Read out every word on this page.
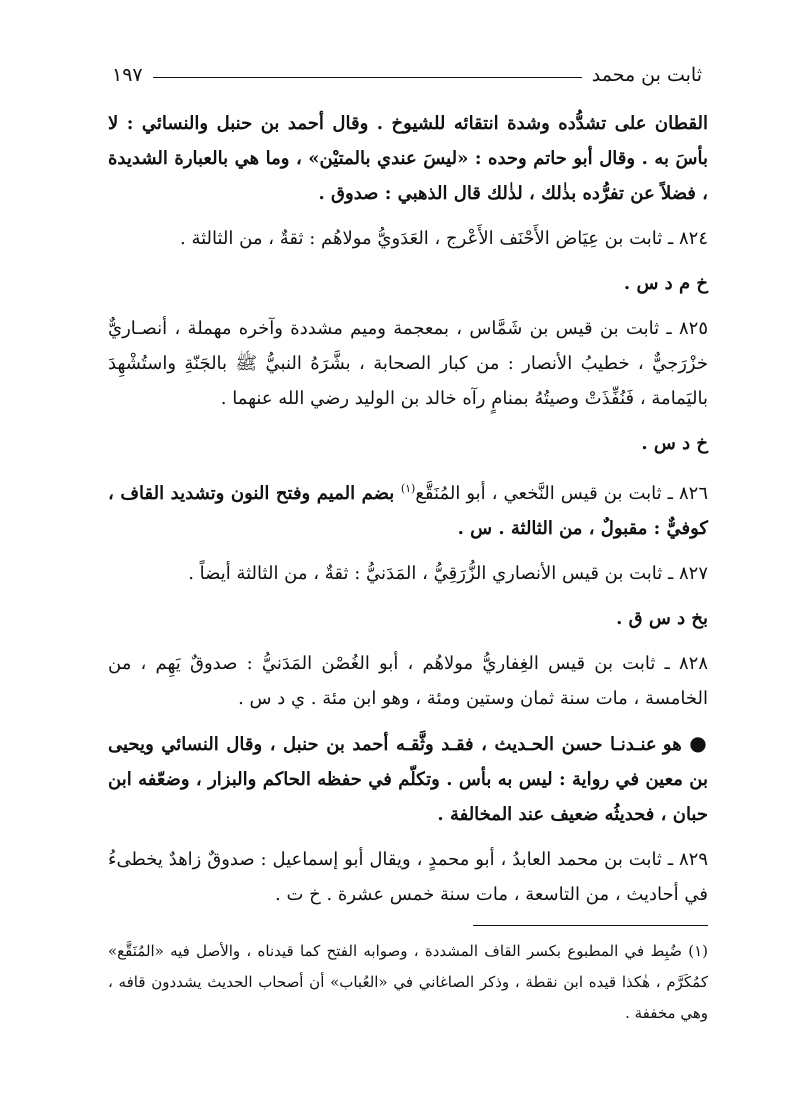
ثابت بن محمد
١٩٧

القطان على تشدُّده وشدة انتقائه للشيوخ . وقال أحمد بن حنبل والنسائي : لا بأسَ به . وقال أبو حاتم وحده : «ليسَ عندي بالمتيْن» ، وما هي بالعبارة الشديدة ، فضلاً عن تفرُّده بذٰلك ، لذٰلك قال الذهبي : صدوق .

٨٢٤ ـ ثابت بن عِيَاض الأَحْنَف الأَعْرج ، العَدَويُّ مولاهُم : ثقةٌ ، من الثالثة .

خ م د س .

٨٢٥ ـ ثابت بن قيس بن شَمَّاس ، بمعجمة وميم مشددة وآخره مهملة ، أنصـاريٌّ خزْرَجيٌّ ، خطيبُ الأنصار : من كبار الصحابة ، بشَّرَهُ النبيُّ ﷺ بالجَنّةِ واستُشْهِدَ باليَمامة ، فَنُفِّذَتْ وصيتُهُ بمنامٍ رآه خالد بن الوليد رضي الله عنهما .

خ د س .

٨٢٦ ـ ثابت بن قيس النَّخعي ، أبو المُنَقَّع$^{(١)}$ بضم الميم وفتح النون وتشديد القاف ، كوفيٌّ : مقبولٌ ، من الثالثة . س .

٨٢٧ ـ ثابت بن قيس الأنصاري الزُّرَقِيُّ ، المَدَنيُّ : ثقةٌ ، من الثالثة أيضاً .

بخ د س ق .

٨٢٨ ـ ثابت بن قيس الغِفاريُّ مولاهُم ، أبو الغُصْن المَدَنيُّ : صدوقٌ يَهِم ، من الخامسة ، مات سنة ثمان وستين ومئة ، وهو ابن مئة . ي د س .

● هو عنـدنـا حسن الحـديث ، فقـد وثَّقـه أحمد بن حنبل ، وقال النسائي ويحيى بن معين في رواية : ليس به بأس . وتكلّم في حفظه الحاكم والبزار ، وضعّفه ابن حبان ، فحديثُه ضعيف عند المخالفة .

٨٢٩ ـ ثابت بن محمد العابدُ ، أبو محمدٍ ، ويقال أبو إسماعيل : صدوقٌ زاهدٌ يخطىءُ في أحاديث ، من التاسعة ، مات سنة خمس عشرة . خ ت .

(١) ضُبِط في المطبوع بكسر القاف المشددة ، وصوابه الفتح كما قيدناه ، والأصل فيه «المُنَقَّع» كمُكَرَّم ، هٰكذا قيده ابن نقطة ، وذكر الصاغاني في «العُباب» أن أصحاب الحديث يشددون قافه ، وهي مخففة .
